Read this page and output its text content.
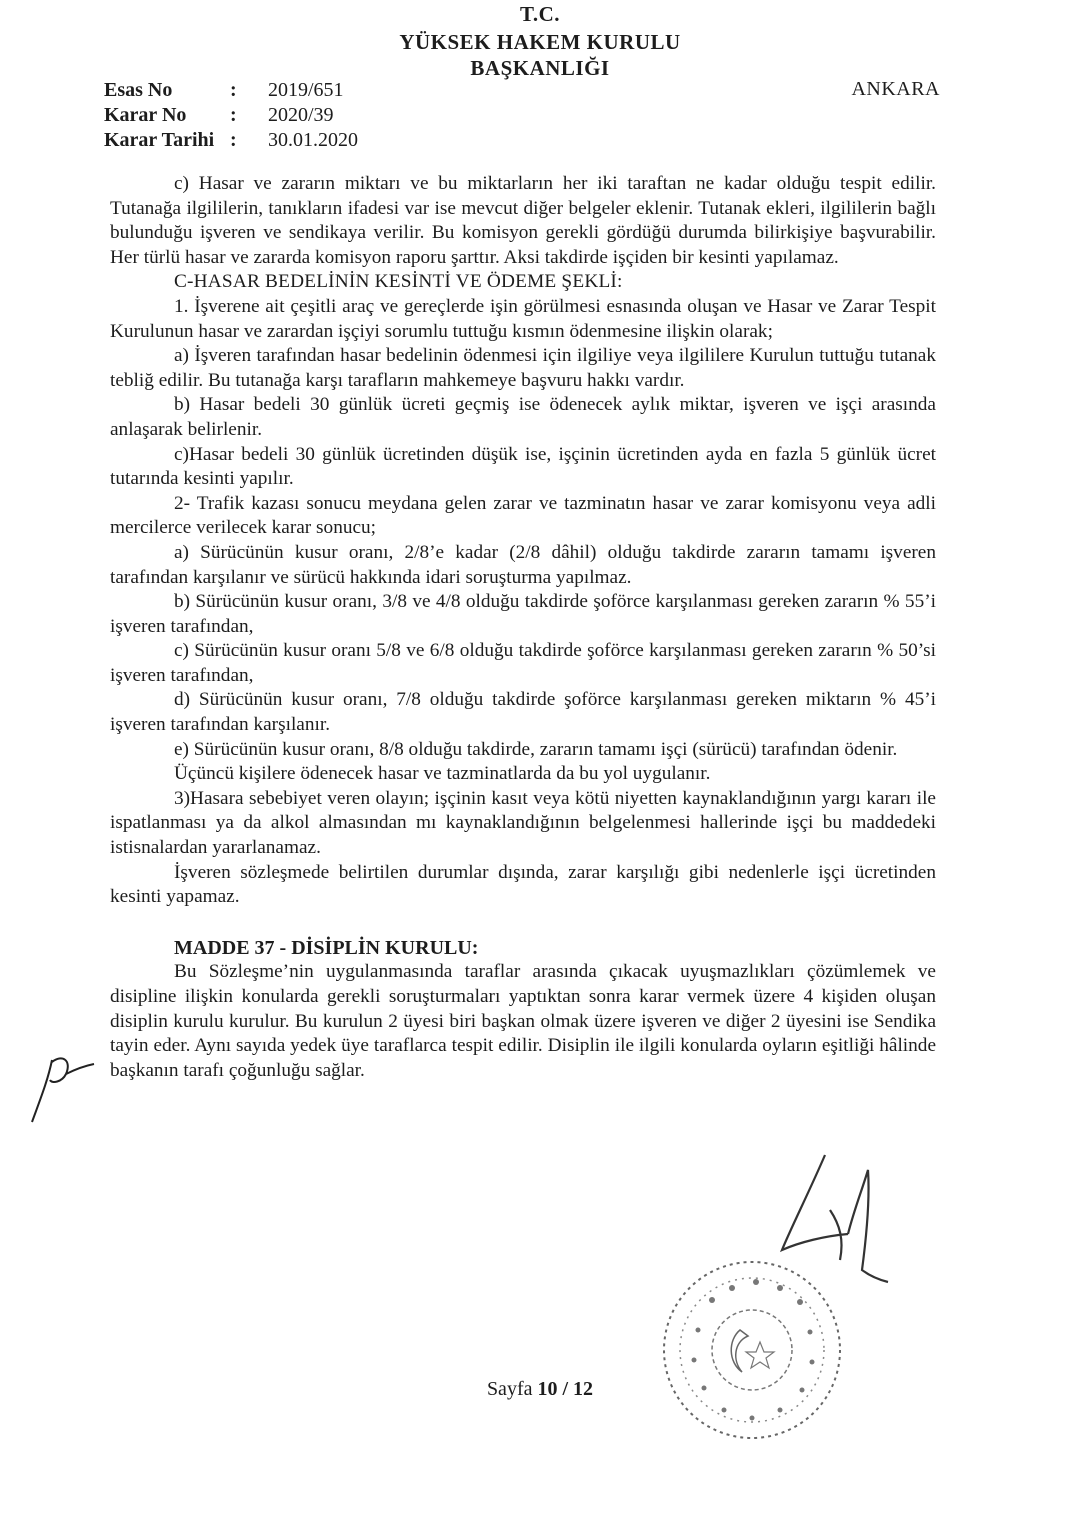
T.C.
YÜKSEK HAKEM KURULU
BAŞKANLIĞI
Esas No	: 2019/651
Karar No : 2020/39
Karar Tarihi : 30.01.2020
ANKARA

c) Hasar ve zararın miktarı ve bu miktarların her iki taraftan ne kadar olduğu tespit edilir. Tutanağa ilgililerin, tanıkların ifadesi var ise mevcut diğer belgeler eklenir. Tutanak ekleri, ilgililerin bağlı bulunduğu işveren ve sendikaya verilir. Bu komisyon gerekli gördüğü durumda bilirkişiye başvurabilir. Her türlü hasar ve zararda komisyon raporu şarttır. Aksi takdirde işçiden bir kesinti yapılamaz.

C-HASAR BEDELİNİN KESİNTİ VE ÖDEME ŞEKLİ:

1. İşverene ait çeşitli araç ve gereçlerde işin görülmesi esnasında oluşan ve Hasar ve Zarar Tespit Kurulunun hasar ve zarardan işçiyi sorumlu tuttuğu kısmın ödenmesine ilişkin olarak;

a) İşveren tarafından hasar bedelinin ödenmesi için ilgiliye veya ilgililere Kurulun tuttuğu tutanak tebliğ edilir. Bu tutanağa karşı tarafların mahkemeye başvuru hakkı vardır.

b) Hasar bedeli 30 günlük ücreti geçmiş ise ödenecek aylık miktar, işveren ve işçi arasında anlaşarak belirlenir.

c)Hasar bedeli 30 günlük ücretinden düşük ise, işçinin ücretinden ayda en fazla 5 günlük ücret tutarında kesinti yapılır.

2- Trafik kazası sonucu meydana gelen zarar ve tazminatın hasar ve zarar komisyonu veya adli mercilerce verilecek karar sonucu;

a) Sürücünün kusur oranı, 2/8’e kadar (2/8 dâhil) olduğu takdirde zararın tamamı işveren tarafından karşılanır ve sürücü hakkında idari soruşturma yapılmaz.

b) Sürücünün kusur oranı, 3/8 ve 4/8 olduğu takdirde şoförce karşılanması gereken zararın % 55’i işveren tarafından,

c) Sürücünün kusur oranı 5/8 ve 6/8 olduğu takdirde şoförce karşılanması gereken zararın % 50’si işveren tarafından,

d) Sürücünün kusur oranı, 7/8 olduğu takdirde şoförce karşılanması gereken miktarın % 45’i işveren tarafından karşılanır.

e) Sürücünün kusur oranı, 8/8 olduğu takdirde, zararın tamamı işçi (sürücü) tarafından ödenir.

Üçüncü kişilere ödenecek hasar ve tazminatlarda da bu yol uygulanır.

3)Hasara sebebiyet veren olayın; işçinin kasıt veya kötü niyetten kaynaklandığının yargı kararı ile ispatlanması ya da alkol almasından mı kaynaklandığının belgelenmesi hallerinde işçi bu maddedeki istisnalardan yararlanamaz.

İşveren sözleşmede belirtilen durumlar dışında, zarar karşılığı gibi nedenlerle işçi ücretinden kesinti yapamaz.

MADDE 37 - DİSİPLİN KURULU:

Bu Sözleşme’nin uygulanmasında taraflar arasında çıkacak uyuşmazlıkları çözümlemek ve disipline ilişkin konularda gerekli soruşturmaları yaptıktan sonra karar vermek üzere 4 kişiden oluşan disiplin kurulu kurulur. Bu kurulun 2 üyesi biri başkan olmak üzere işveren ve diğer 2 üyesini ise Sendika tayin eder. Aynı sayıda yedek üye taraflarca tespit edilir. Disiplin ile ilgili konularda oyların eşitliği hâlinde başkanın tarafı çoğunluğu sağlar.

Sayfa 10 / 12
